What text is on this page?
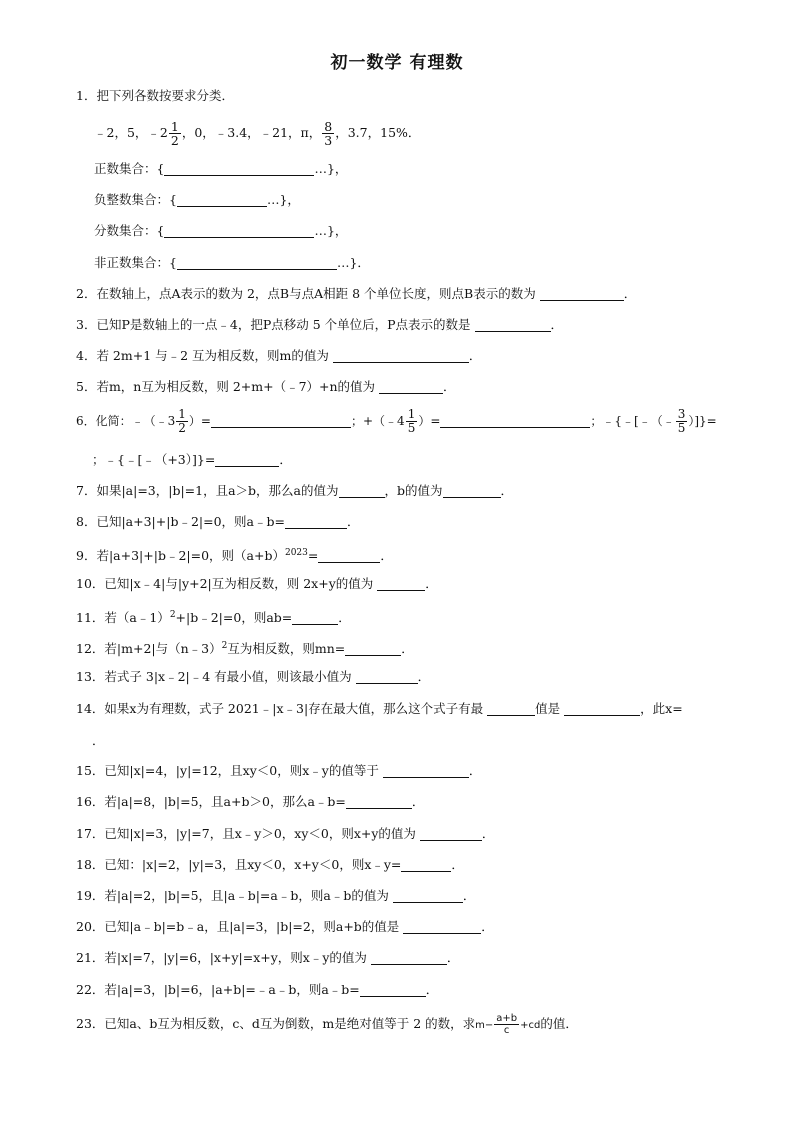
初一数学 有理数
1．把下列各数按要求分类．
﹣2，5，﹣2 $\frac{1}{2}$ ，0，﹣3.4，﹣21，π， $\frac{8}{3}$ ，3.7，15%．
正数集合：{	…}，
负整数集合：{	…}，
分数集合：{	…}，
非正数集合：{	…}．
2．在数轴上，点A表示的数为 2，点B与点A相距 8 个单位长度，则点B表示的数为	．
3．已知P是数轴上的一点﹣4，把P点移动 5 个单位后，P点表示的数是	．
4．若 2m+1 与﹣2 互为相反数，则m的值为	．
5．若m，n互为相反数，则 2+m+（﹣7）+n的值为	．
6．化简：﹣（﹣3 $\frac{1}{2}$ ）=	；+（﹣4 $\frac{1}{5}$ ）=	；﹣{﹣[﹣（﹣ $\frac{3}{5}$ ）]}=
；﹣{﹣[﹣（+3）]}=	．
7．如果|a|=3，|b|=1，且a＞b，那么a的值为	，b的值为	．
8．已知|a+3|+|b﹣2|=0，则a﹣b=	．
9．若|a+3|+|b﹣2|=0，则$(a+b)^{2023}=$	．
10．已知|x﹣4|与|y+2|互为相反数，则 2x+y的值为	．
11．若（a﹣1）$^2$+|b﹣2|=0，则ab=	．
12．若|m+2|与（n﹣3）$^2$互为相反数，则mn=	．
13．若式子 3|x﹣2|﹣4 有最小值，则该最小值为	．
14．如果x为有理数，式子 2021﹣|x﹣3|存在最大值，那么这个式子有最	值是	，此x=
．
15．已知|x|=4，|y|=12，且xy＜0，则x﹣y的值等于	．
16．若|a|=8，|b|=5，且a+b＞0，那么a﹣b=	．
17．已知|x|=3，|y|=7，且x﹣y＞0，xy＜0，则x+y的值为	．
18．已知：|x|=2，|y|=3，且xy＜0，x+y＜0，则x﹣y=	．
19．若|a|=2，|b|=5，且|a﹣b|=a﹣b，则a﹣b的值为	．
20．已知|a﹣b|=b﹣a，且|a|=3，|b|=2，则a+b的值是	．
21．若|x|=7，|y|=6，|x+y|=x+y，则x﹣y的值为	．
22．若|a|=3，|b|=6，|a+b|=﹣a﹣b，则a﹣b=	．
23．已知a、b互为相反数，c、d互为倒数，m是绝对值等于 2 的数，求$m- \frac{a+b}{c} +cd$的值．
